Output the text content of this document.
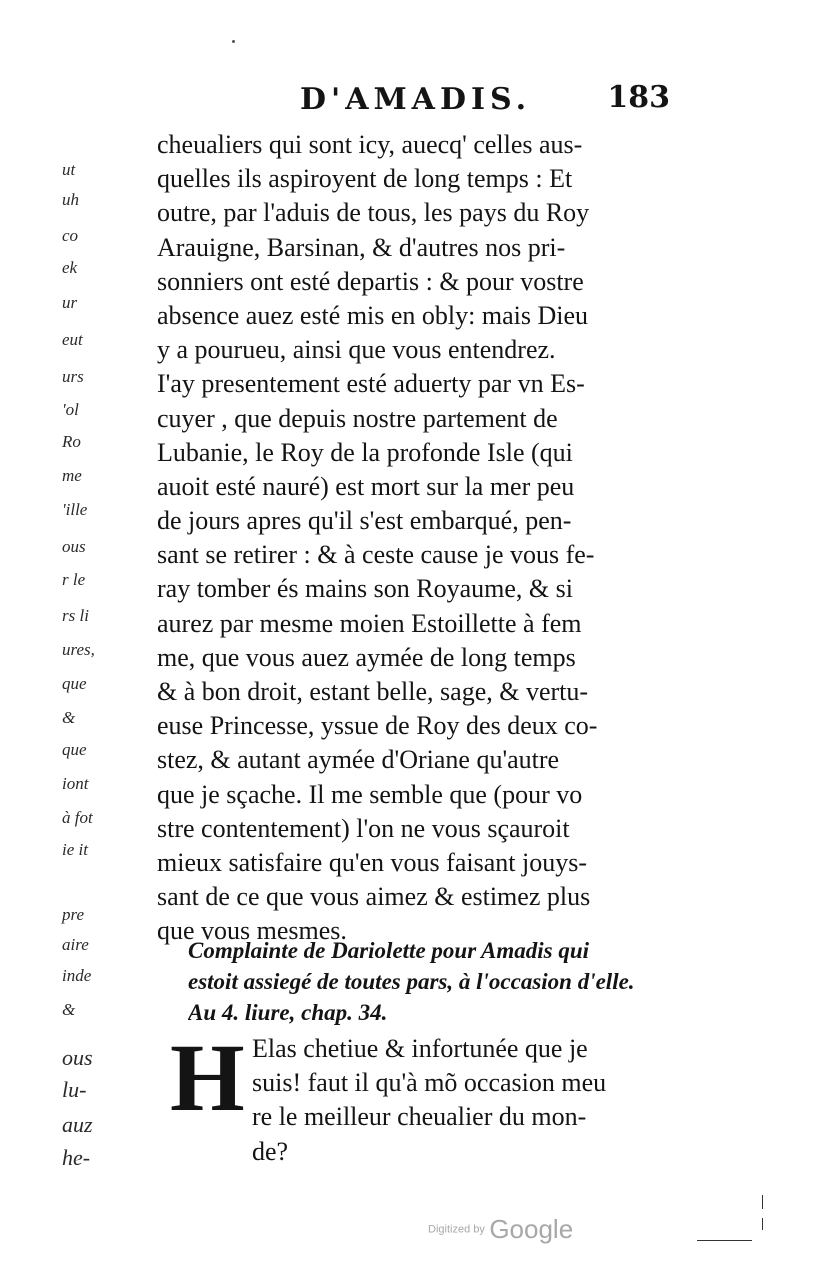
D'AMADIS.	183
ut
uh
co
ek
ur
eut
urs
'ol
Ro
me
'ille
ous
r le
rs li
ures,
que
&
que
iont
à fot
ie it
pre
aire
inde
&
ous
lu-
auz
he-
cheualiers qui sont icy, auecq' celles aus-
quelles ils aspiroyent de long temps : Et
outre, par l'aduis de tous, les pays du Roy
Arauigne, Barsinan, & d'autres nos pri-
sonniers ont esté departis : & pour vostre
absence auez esté mis en obly: mais Dieu
y a pourueu, ainsi que vous entendrez.
I'ay presentement esté aduerty par vn Es-
cuyer , que depuis nostre partement de
Lubanie, le Roy de la profonde Isle (qui
auoit esté nauré) est mort sur la mer peu
de jours apres qu'il s'est embarqué, pen-
sant se retirer : & à ceste cause je vous fe-
ray tomber és mains son Royaume, & si
aurez par mesme moien Estoillette à fem
me, que vous auez aymée de long temps
& à bon droit, estant belle, sage, & vertu-
euse Princesse, yssue de Roy des deux co-
stez, & autant aymée d'Oriane qu'autre
que je sçache. Il me semble que (pour vo
stre contentement) l'on ne vous sçauroit
mieux satisfaire qu'en vous faisant jouys-
sant de ce que vous aimez & estimez plus
que vous mesmes.
Complainte de Dariolette pour Amadis qui
estoit assiegé de toutes pars, à l'occasion d'elle.
Au 4. liure, chap. 34.
H Elas chetiue & infortunée que je
suis! faut il qu'à mõ occasion meu
re le meilleur cheualier du mon-
de?
Digitized by Google
